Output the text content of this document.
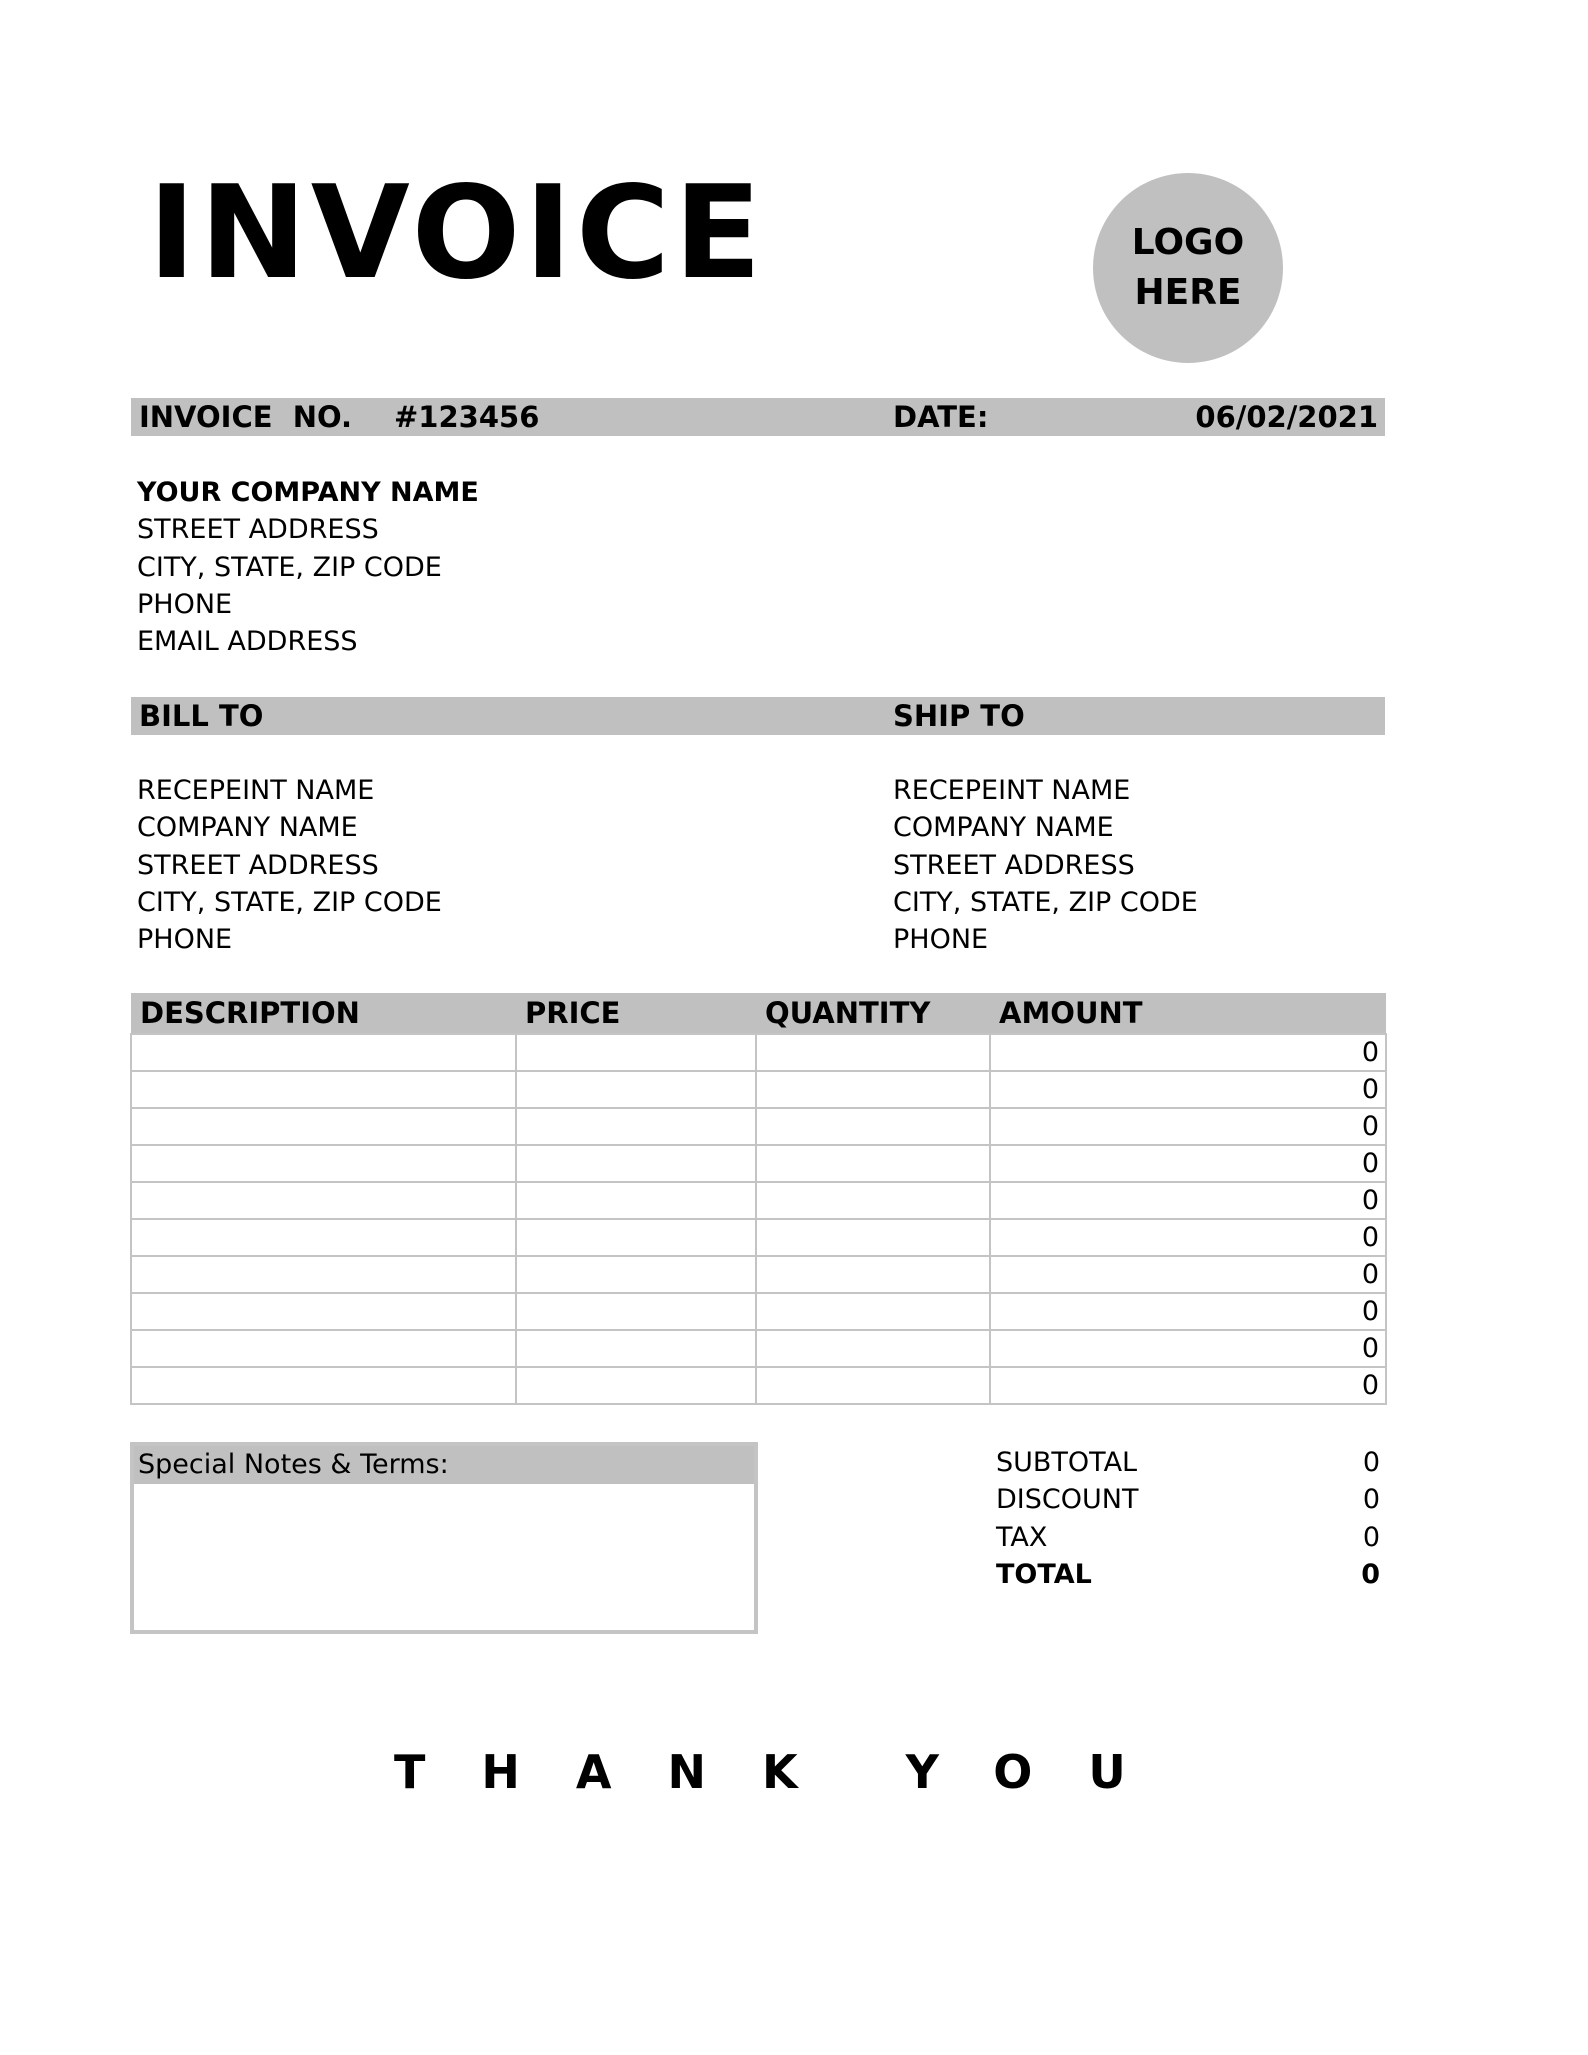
INVOICE	LOGO
HERE
INVOICE  NO. #123456	DATE:	06/02/2021
YOUR COMPANY NAME
STREET ADDRESS
CITY, STATE, ZIP CODE
PHONE
EMAIL ADDRESS
BILL TO	SHIP TO
RECEPEINT NAME
COMPANY NAME
STREET ADDRESS
CITY, STATE, ZIP CODE
PHONE
RECEPEINT NAME
COMPANY NAME
STREET ADDRESS
CITY, STATE, ZIP CODE
PHONE
DESCRIPTION	PRICE	QUANTITY	AMOUNT
			0
			0
			0
			0
			0
			0
			0
			0
			0
			0
Special Notes & Terms:	SUBTOTAL	0
DISCOUNT	0
TAX	0
TOTAL	0
THANK YOU
